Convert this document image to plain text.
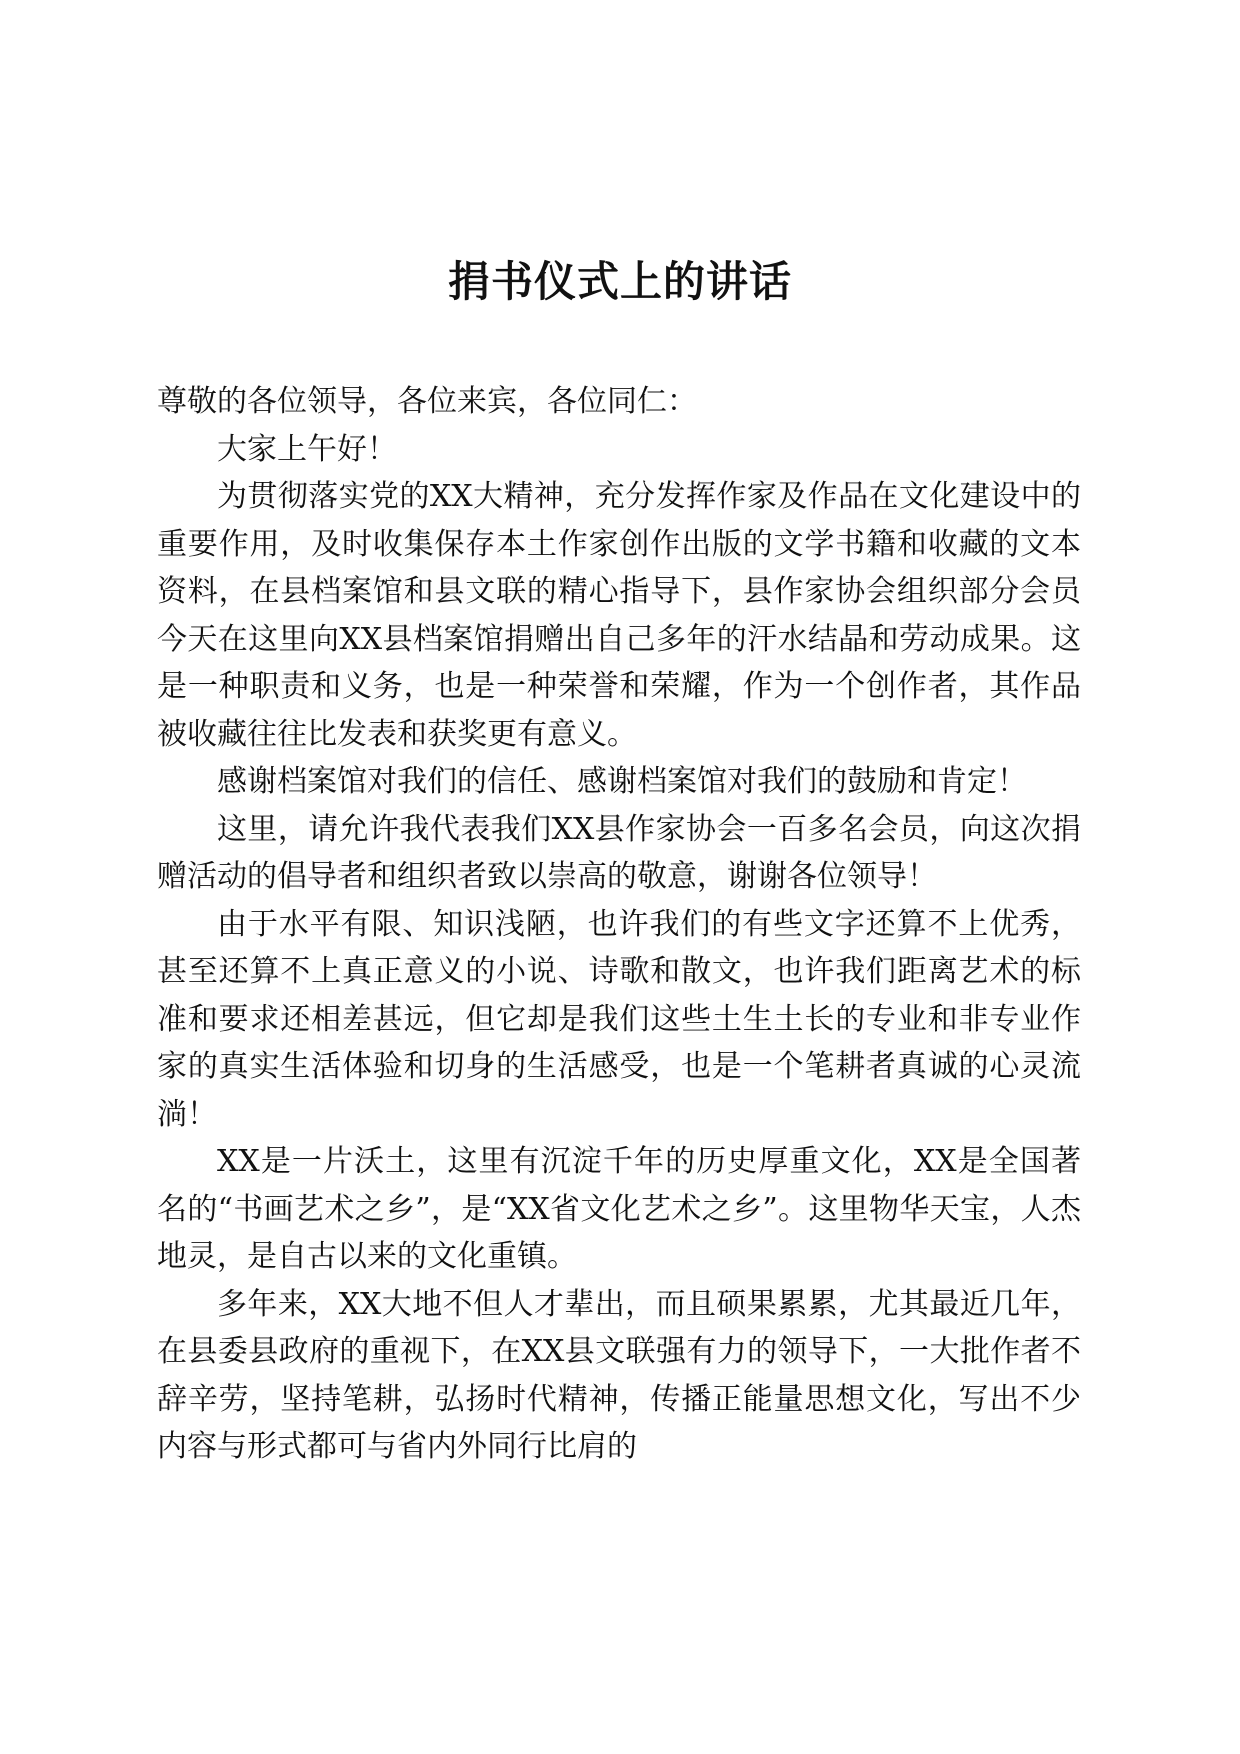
捐书仪式上的讲话

尊敬的各位领导，各位来宾，各位同仁：

大家上午好！

为贯彻落实党的XX大精神，充分发挥作家及作品在文化建设中的重要作用，及时收集保存本土作家创作出版的文学书籍和收藏的文本资料，在县档案馆和县文联的精心指导下，县作家协会组织部分会员今天在这里向XX县档案馆捐赠出自己多年的汗水结晶和劳动成果。这是一种职责和义务，也是一种荣誉和荣耀，作为一个创作者，其作品被收藏往往比发表和获奖更有意义。

感谢档案馆对我们的信任、感谢档案馆对我们的鼓励和肯定！

这里，请允许我代表我们XX县作家协会一百多名会员，向这次捐赠活动的倡导者和组织者致以崇高的敬意，谢谢各位领导！

由于水平有限、知识浅陋，也许我们的有些文字还算不上优秀，甚至还算不上真正意义的小说、诗歌和散文，也许我们距离艺术的标准和要求还相差甚远，但它却是我们这些土生土长的专业和非专业作家的真实生活体验和切身的生活感受，也是一个笔耕者真诚的心灵流淌！

XX是一片沃土，这里有沉淀千年的历史厚重文化，XX是全国著名的“书画艺术之乡”，是“XX省文化艺术之乡”。这里物华天宝，人杰地灵，是自古以来的文化重镇。

多年来，XX大地不但人才辈出，而且硕果累累，尤其最近几年，在县委县政府的重视下，在XX县文联强有力的领导下，一大批作者不辞辛劳，坚持笔耕，弘扬时代精神，传播正能量思想文化，写出不少内容与形式都可与省内外同行比肩的
